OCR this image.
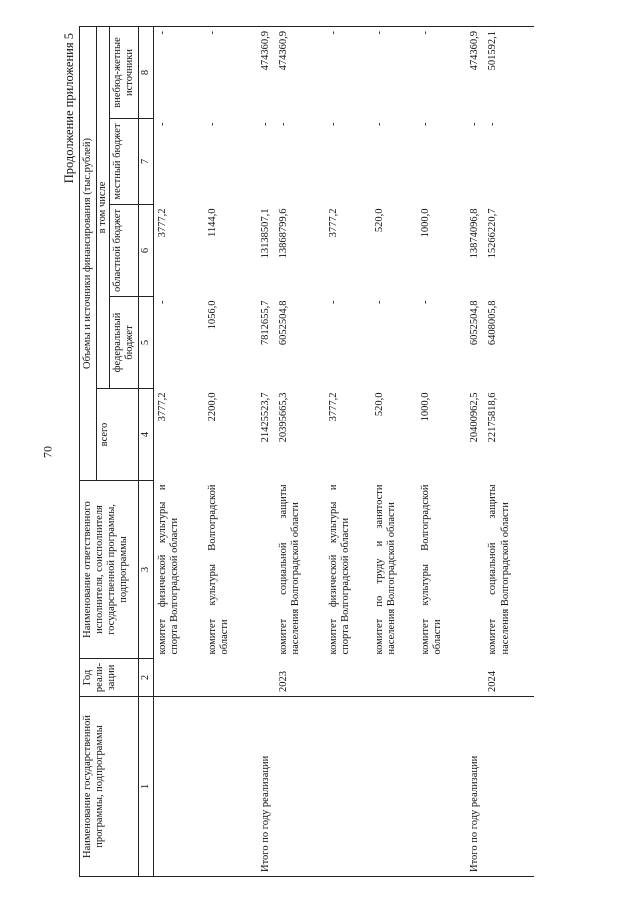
70
Продолжение приложения 5
Наименование государственной программы, подпрограммы	Год реали-зации	Наименование ответственного исполнителя, соисполнителя государственной программы, подпрограммы	Объемы и источники финансирования (тыс.рублей)				
			всего	в том числе			
				федеральный бюджет	областной бюджет	местный бюджет	внебюд-жетные источники
1	2	3	4	5	6	7	8
		комитет физической культуры и спорта Волгоградской области	3777,2	-	3777,2	-	-
		комитет культуры Волгоградской области	2200,0	1056,0	1144,0	-	-
Итого по году реализации			21425523,7	7812655,7	13138507,1	-	474360,9
	2023	комитет социальной защиты населения Волгоградской области	20395665,3	6052504,8	13868799,6	-	474360,9
		комитет физической культуры и спорта Волгоградской области	3777,2	-	3777,2	-	-
		комитет по труду и занятости населения Волгоградской области	520,0	-	520,0	-	-
		комитет культуры Волгоградской области	1000,0	-	1000,0	-	-
Итого по году реализации			20400962,5	6052504,8	13874096,8	-	474360,9
	2024	комитет социальной защиты населения Волгоградской области	22175818,6	6408005,8	15266220,7	-	501592,1
